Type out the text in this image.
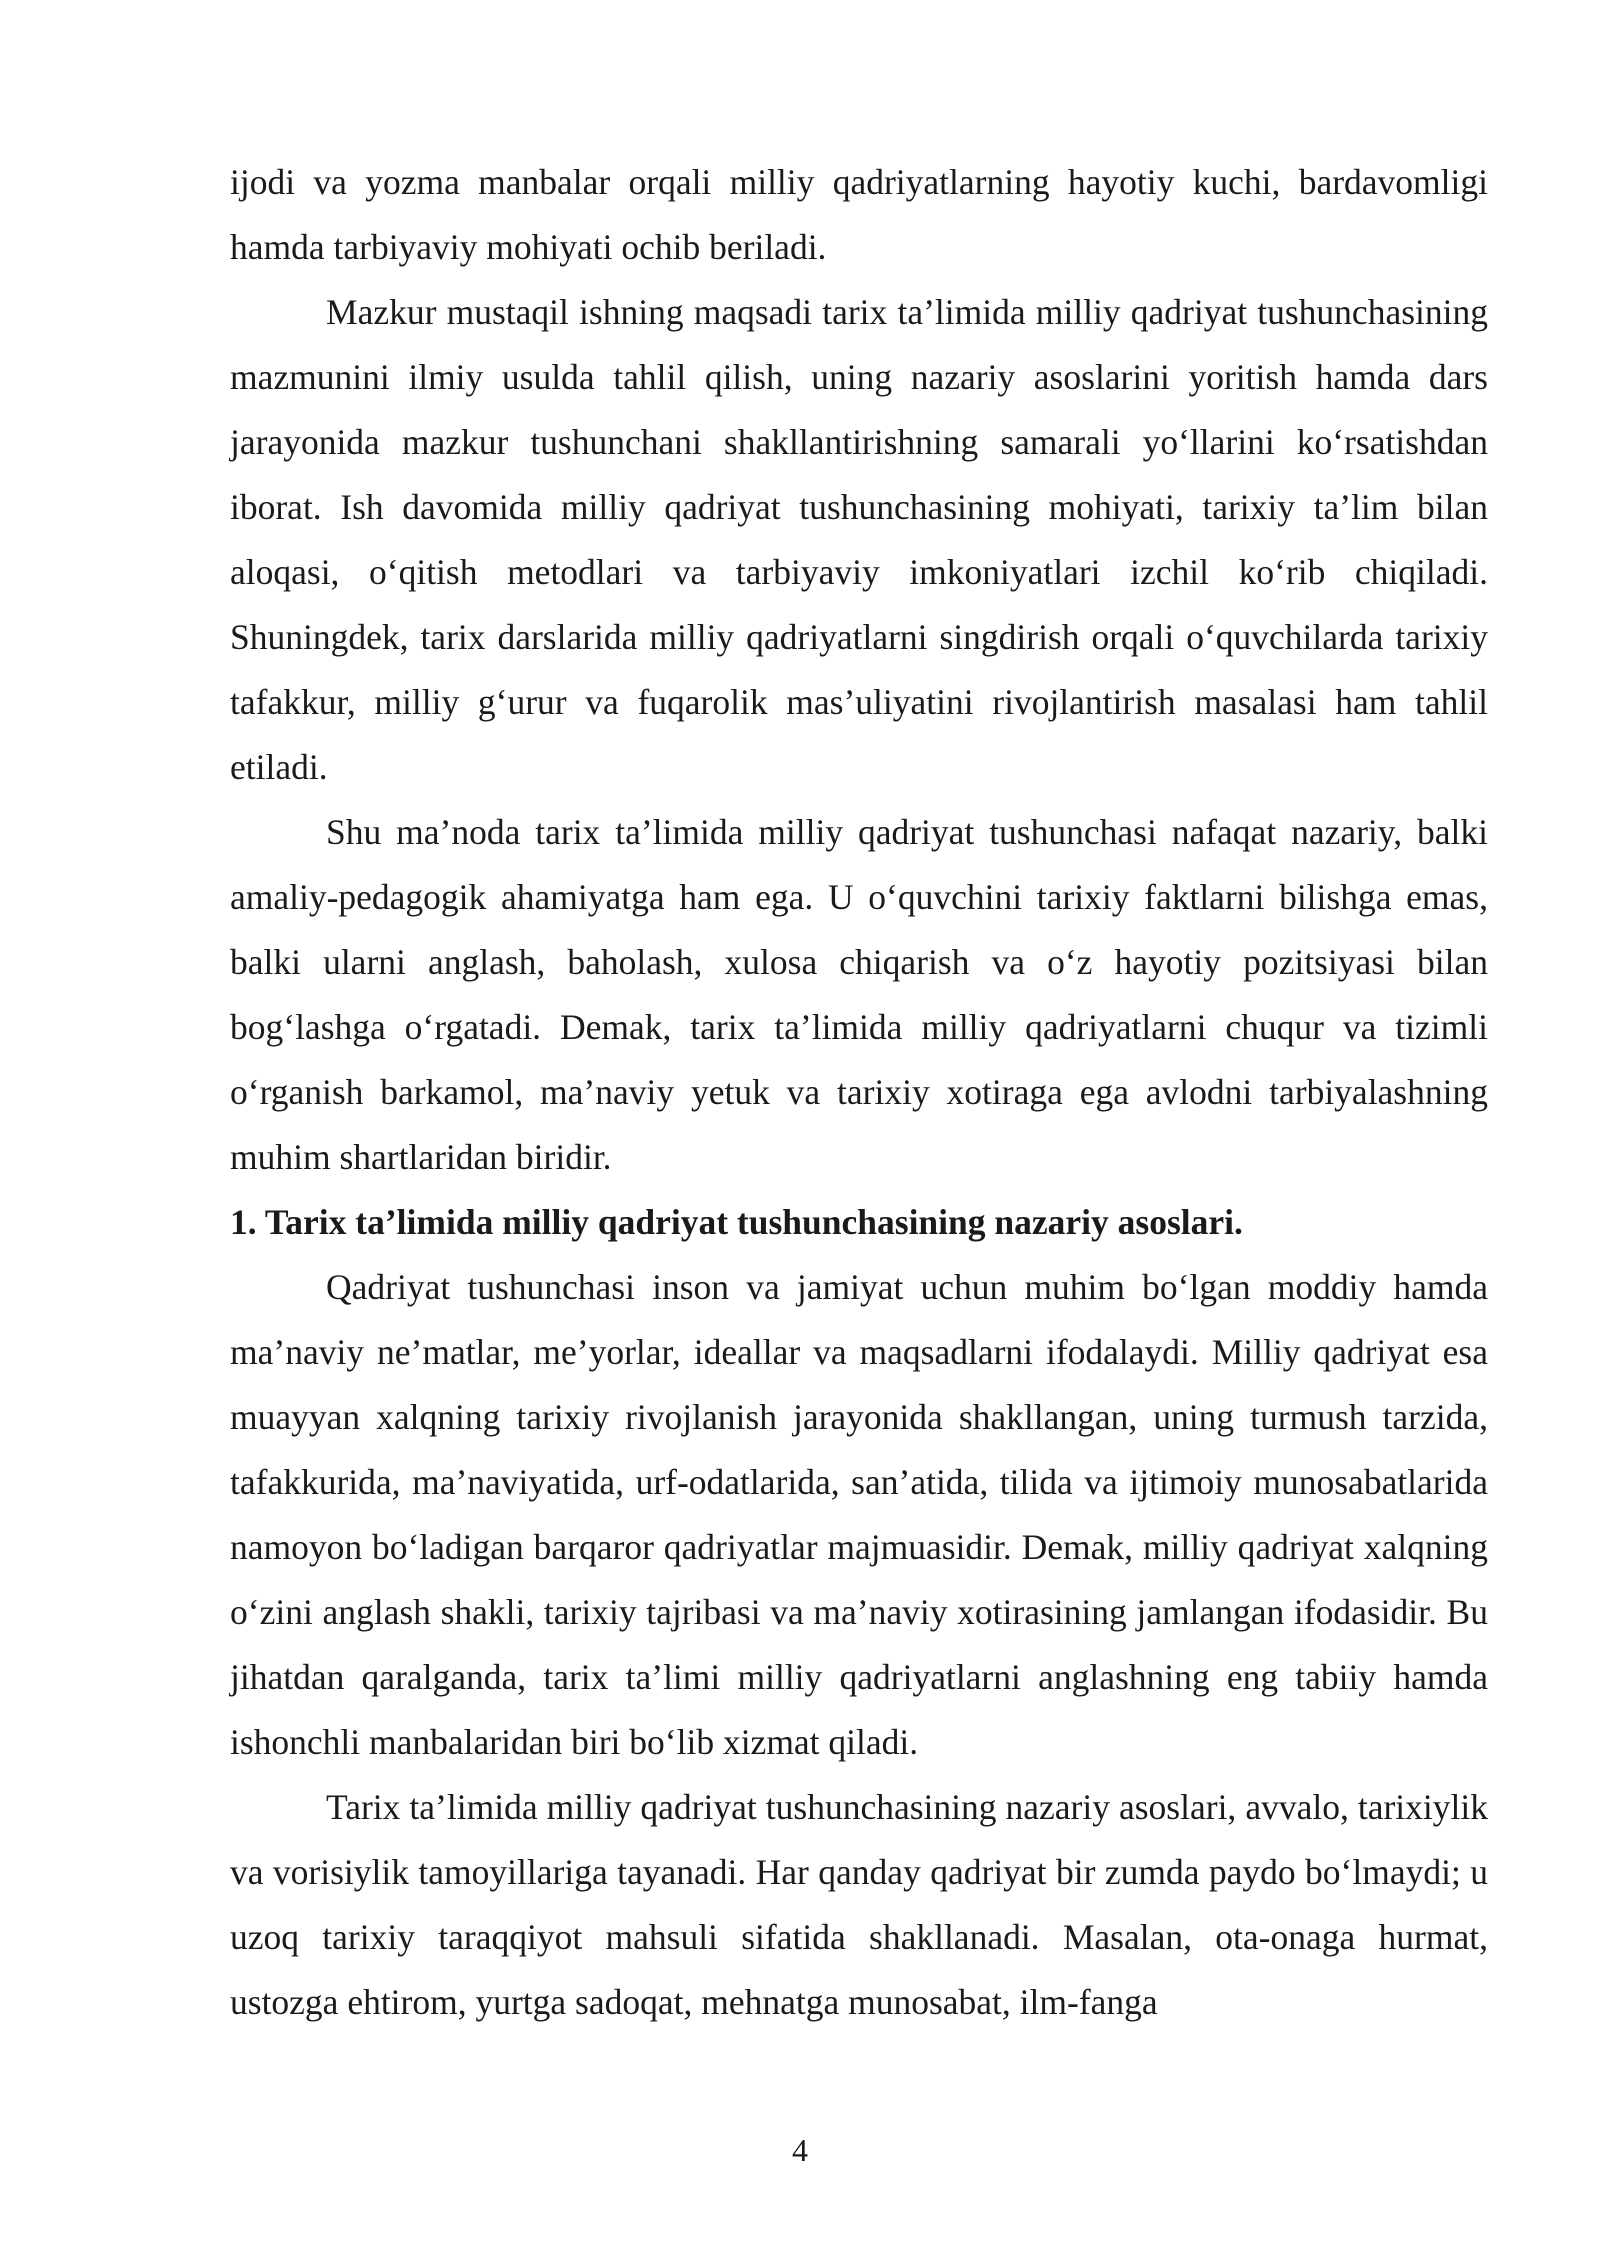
ijodi va yozma manbalar orqali milliy qadriyatlarning hayotiy kuchi, bardavomligi hamda tarbiyaviy mohiyati ochib beriladi.

Mazkur mustaqil ishning maqsadi tarix ta’limida milliy qadriyat tushunchasining mazmunini ilmiy usulda tahlil qilish, uning nazariy asoslarini yoritish hamda dars jarayonida mazkur tushunchani shakllantirishning samarali yo‘llarini ko‘rsatishdan iborat. Ish davomida milliy qadriyat tushunchasining mohiyati, tarixiy ta’lim bilan aloqasi, o‘qitish metodlari va tarbiyaviy imkoniyatlari izchil ko‘rib chiqiladi. Shuningdek, tarix darslarida milliy qadriyatlarni singdirish orqali o‘quvchilarda tarixiy tafakkur, milliy g‘urur va fuqarolik mas’uliyatini rivojlantirish masalasi ham tahlil etiladi.

Shu ma’noda tarix ta’limida milliy qadriyat tushunchasi nafaqat nazariy, balki amaliy-pedagogik ahamiyatga ham ega. U o‘quvchini tarixiy faktlarni bilishga emas, balki ularni anglash, baholash, xulosa chiqarish va o‘z hayotiy pozitsiyasi bilan bog‘lashga o‘rgatadi. Demak, tarix ta’limida milliy qadriyatlarni chuqur va tizimli o‘rganish barkamol, ma’naviy yetuk va tarixiy xotiraga ega avlodni tarbiyalashning muhim shartlaridan biridir.

1. Tarix ta’limida milliy qadriyat tushunchasining nazariy asoslari.

Qadriyat tushunchasi inson va jamiyat uchun muhim bo‘lgan moddiy hamda ma’naviy ne’matlar, me’yorlar, ideallar va maqsadlarni ifodalaydi. Milliy qadriyat esa muayyan xalqning tarixiy rivojlanish jarayonida shakllangan, uning turmush tarzida, tafakkurida, ma’naviyatida, urf-odatlarida, san’atida, tilida va ijtimoiy munosabatlarida namoyon bo‘ladigan barqaror qadriyatlar majmuasidir. Demak, milliy qadriyat xalqning o‘zini anglash shakli, tarixiy tajribasi va ma’naviy xotirasining jamlangan ifodasidir. Bu jihatdan qaralganda, tarix ta’limi milliy qadriyatlarni anglashning eng tabiiy hamda ishonchli manbalaridan biri bo‘lib xizmat qiladi.

Tarix ta’limida milliy qadriyat tushunchasining nazariy asoslari, avvalo, tarixiylik va vorisiylik tamoyillariga tayanadi. Har qanday qadriyat bir zumda paydo bo‘lmaydi; u uzoq tarixiy taraqqiyot mahsuli sifatida shakllanadi. Masalan, ota-onaga hurmat, ustozga ehtirom, yurtga sadoqat, mehnatga munosabat, ilm-fanga

4
